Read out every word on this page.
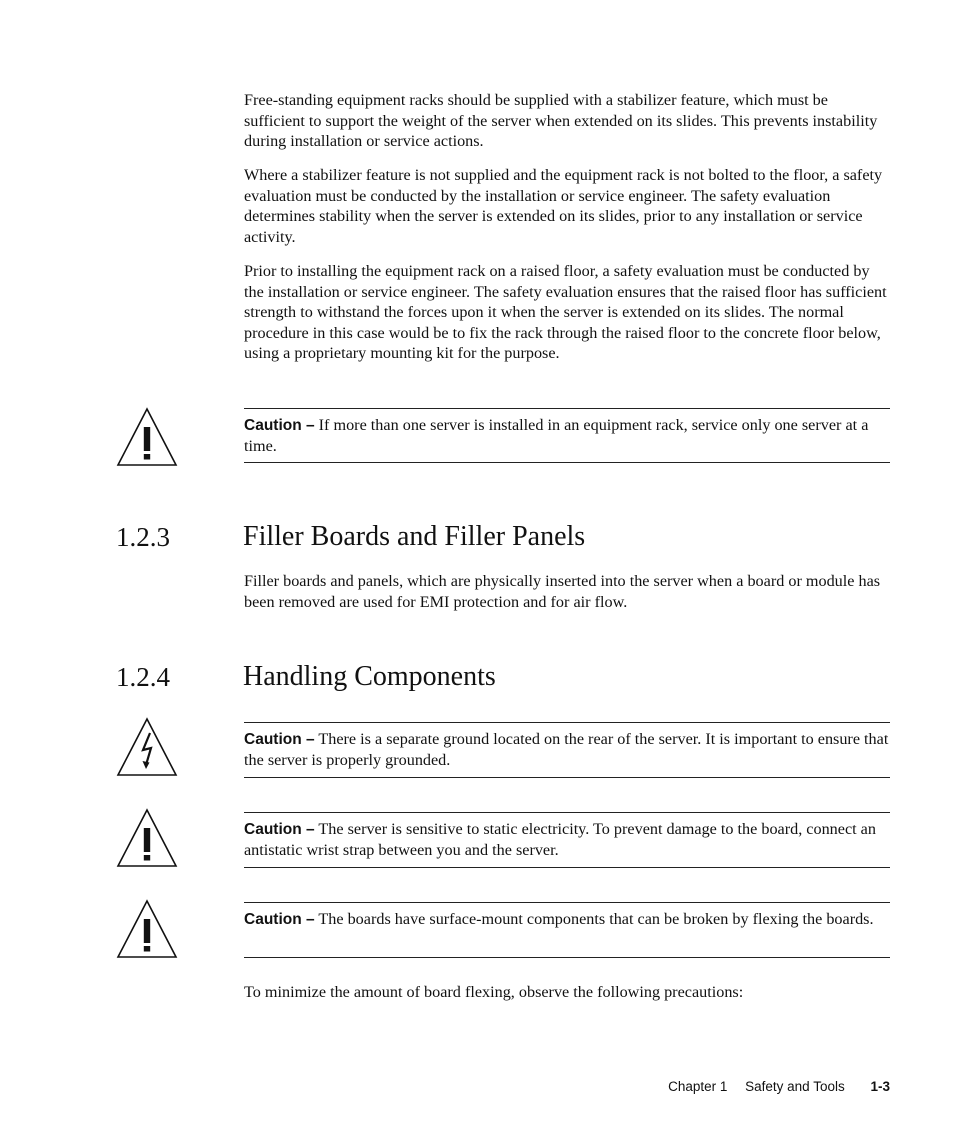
Free-standing equipment racks should be supplied with a stabilizer feature, which must be sufficient to support the weight of the server when extended on its slides. This prevents instability during installation or service actions.

Where a stabilizer feature is not supplied and the equipment rack is not bolted to the floor, a safety evaluation must be conducted by the installation or service engineer. The safety evaluation determines stability when the server is extended on its slides, prior to any installation or service activity.

Prior to installing the equipment rack on a raised floor, a safety evaluation must be conducted by the installation or service engineer. The safety evaluation ensures that the raised floor has sufficient strength to withstand the forces upon it when the server is extended on its slides. The normal procedure in this case would be to fix the rack through the raised floor to the concrete floor below, using a proprietary mounting kit for the purpose.

Caution – If more than one server is installed in an equipment rack, service only one server at a time.
1.2.3	Filler Boards and Filler Panels

Filler boards and panels, which are physically inserted into the server when a board or module has been removed are used for EMI protection and for air flow.

1.2.4	Handling Components
Caution – There is a separate ground located on the rear of the server. It is important to ensure that the server is properly grounded.
Caution – The server is sensitive to static electricity. To prevent damage to the board, connect an antistatic wrist strap between you and the server.
Caution – The boards have surface-mount components that can be broken by flexing the boards.

To minimize the amount of board flexing, observe the following precautions:

Chapter 1 Safety and Tools 1-3
